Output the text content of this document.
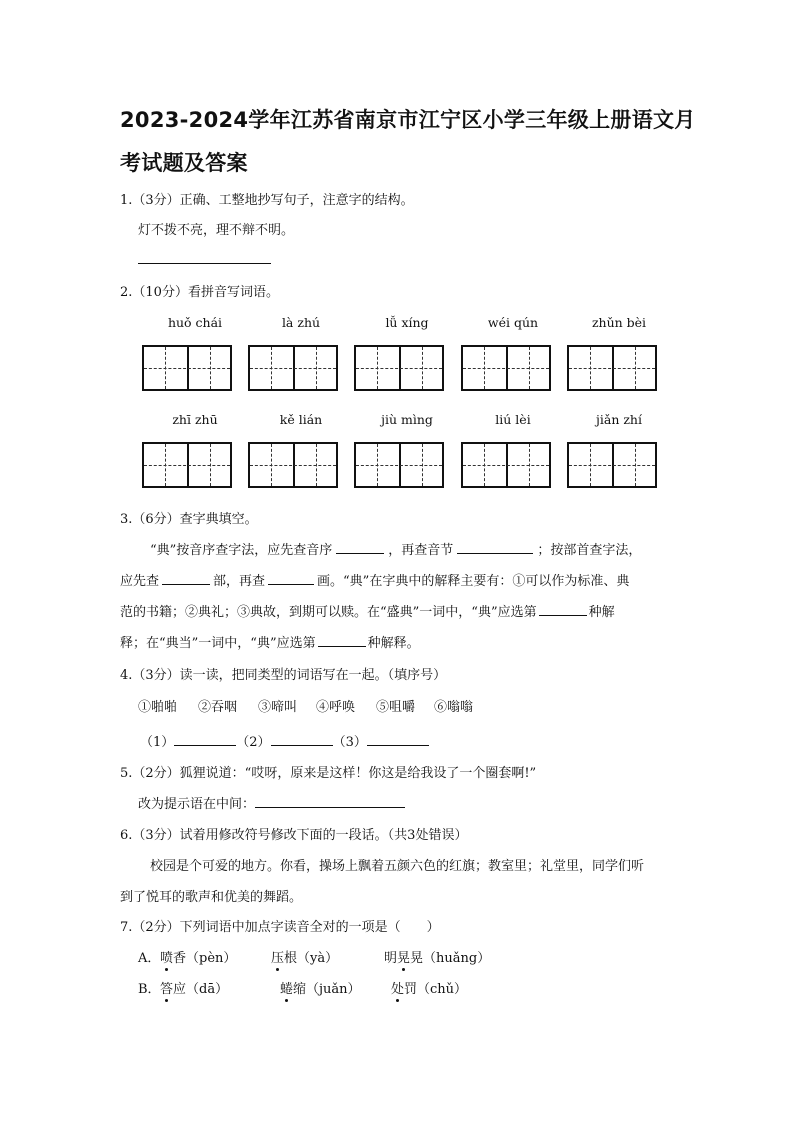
2023-2024学年江苏省南京市江宁区小学三年级上册语文月
考试题及答案
1.（3分）正确、工整地抄写句子，注意字的结构。
灯不拨不亮，理不辩不明。
2.（10分）看拼音写词语。
huǒ chái	là zhú	lǚ xíng	wéi qún	zhǔn bèi
zhī zhū	kě lián	jiù mìng	liú lèi	jiǎn zhí
3.（6分）查字典填空。
“典”按音序查字法，应先查音序	，再查音节	；按部首查字法，
应先查	部，再查	画。“典”在字典中的解释主要有：①可以作为标准、典
范的书籍；②典礼；③典故，到期可以赎。在“盛典”一词中，“典”应选第	种解
释；在“典当”一词中，“典”应选第	种解释。
4.（3分）读一读，把同类型的词语写在一起。（填序号）
①啪啪 ②吞咽 ③啼叫 ④呼唤 ⑤咀嚼 ⑥嗡嗡
（1）	（2）	（3）
5.（2分）狐狸说道：“哎呀，原来是这样！你这是给我设了一个圈套啊!”
改为提示语在中间：
6.（3分）试着用修改符号修改下面的一段话。（共3处错误）
校园是个可爱的地方。你看，操场上飘着五颜六色的红旗；教室里；礼堂里，同学们听
到了悦耳的歌声和优美的舞蹈。
7.（2分）下列词语中加点字读音全对的一项是（　　）
A． 喷香（pèn）	压根（yà）	明晃晃（huǎng）
B． 答应（dā）	蜷缩（juǎn） 处罚（chǔ）
